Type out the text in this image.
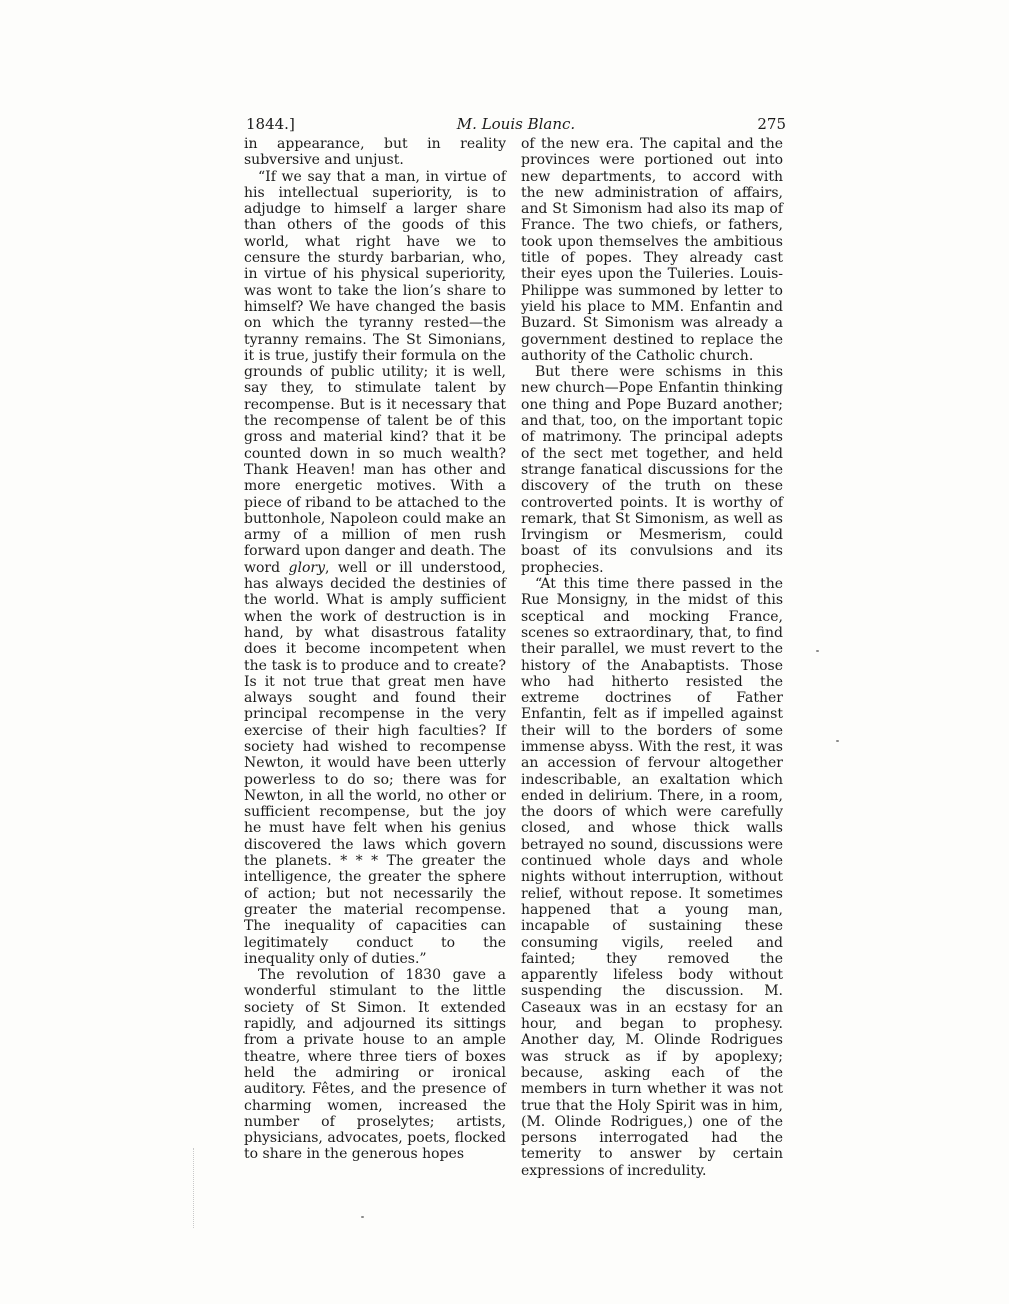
1844.]	M. Louis Blanc.	275

in appearance, but in reality subversive and unjust.

“If we say that a man, in virtue of his intellectual superiority, is to adjudge to himself a larger share than others of the goods of this world, what right have we to censure the sturdy barbarian, who, in virtue of his physical superiority, was wont to take the lion’s share to himself? We have changed the basis on which the tyranny rested—the tyranny remains. The St Simonians, it is true, justify their formula on the grounds of public utility; it is well, say they, to stimulate talent by recompense. But is it necessary that the recompense of talent be of this gross and material kind? that it be counted down in so much wealth? Thank Heaven! man has other and more energetic motives. With a piece of riband to be attached to the buttonhole, Napoleon could make an army of a million of men rush forward upon danger and death. The word glory, well or ill understood, has always decided the destinies of the world. What is amply sufficient when the work of destruction is in hand, by what disastrous fatality does it become incompetent when the task is to produce and to create? Is it not true that great men have always sought and found their principal recompense in the very exercise of their high faculties? If society had wished to recompense Newton, it would have been utterly powerless to do so; there was for Newton, in all the world, no other or sufficient recompense, but the joy he must have felt when his genius discovered the laws which govern the planets. * * * The greater the intelligence, the greater the sphere of action; but not necessarily the greater the material recompense. The inequality of capacities can legitimately conduct to the inequality only of duties.”

The revolution of 1830 gave a wonderful stimulant to the little society of St Simon. It extended rapidly, and adjourned its sittings from a private house to an ample theatre, where three tiers of boxes held the admiring or ironical auditory. Fêtes, and the presence of charming women, increased the number of proselytes; artists, physicians, advocates, poets, flocked to share in the generous hopes

of the new era. The capital and the provinces were portioned out into new departments, to accord with the new administration of affairs, and St Simonism had also its map of France. The two chiefs, or fathers, took upon themselves the ambitious title of popes. They already cast their eyes upon the Tuileries. Louis-Philippe was summoned by letter to yield his place to MM. Enfantin and Buzard. St Simonism was already a government destined to replace the authority of the Catholic church.

But there were schisms in this new church—Pope Enfantin thinking one thing and Pope Buzard another; and that, too, on the important topic of matrimony. The principal adepts of the sect met together, and held strange fanatical discussions for the discovery of the truth on these controverted points. It is worthy of remark, that St Simonism, as well as Irvingism or Mesmerism, could boast of its convulsions and its prophecies.

“At this time there passed in the Rue Monsigny, in the midst of this sceptical and mocking France, scenes so extraordinary, that, to find their parallel, we must revert to the history of the Anabaptists. Those who had hitherto resisted the extreme doctrines of Father Enfantin, felt as if impelled against their will to the borders of some immense abyss. With the rest, it was an accession of fervour altogether indescribable, an exaltation which ended in delirium. There, in a room, the doors of which were carefully closed, and whose thick walls betrayed no sound, discussions were continued whole days and whole nights without interruption, without relief, without repose. It sometimes happened that a young man, incapable of sustaining these consuming vigils, reeled and fainted; they removed the apparently lifeless body without suspending the discussion. M. Caseaux was in an ecstasy for an hour, and began to prophesy. Another day, M. Olinde Rodrigues was struck as if by apoplexy; because, asking each of the members in turn whether it was not true that the Holy Spirit was in him, (M. Olinde Rodrigues,) one of the persons interrogated had the temerity to answer by certain expressions of incredulity.
